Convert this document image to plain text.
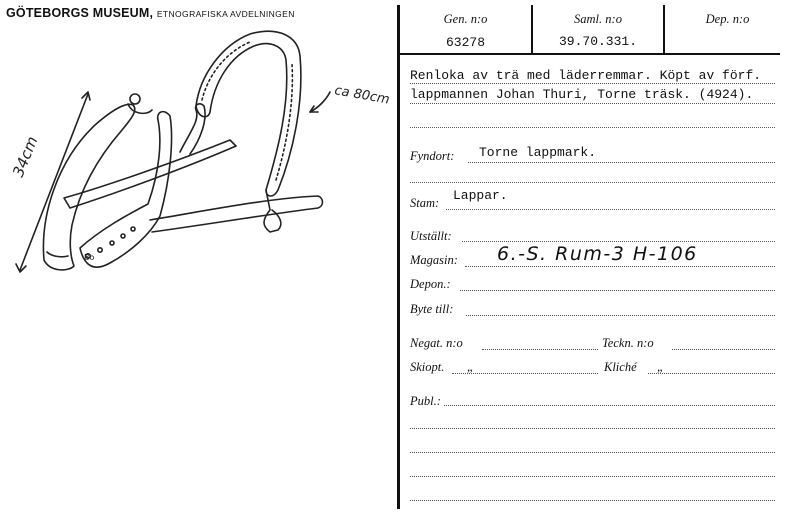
GÖTEBORGS MUSEUM, ETNOGRAFISKA AVDELNINGEN
Bo
34cm
ca 80cm
Gen. n:o
63278
Saml. n:o
39.70.331.
Dep. n:o
Renloka av trä med läderremmar. Köpt av förf.
lappmannen Johan Thuri, Torne träsk. (4924).
Fyndort: Torne lappmark.
Stam: Lappar.
Utställt:
Magasin: 6.-S. Rum-3 H-106
Depon.:
Byte till:
Negat. n:o	Teckn. n:o
Skiopt. „	Kliché „
Publ.:
